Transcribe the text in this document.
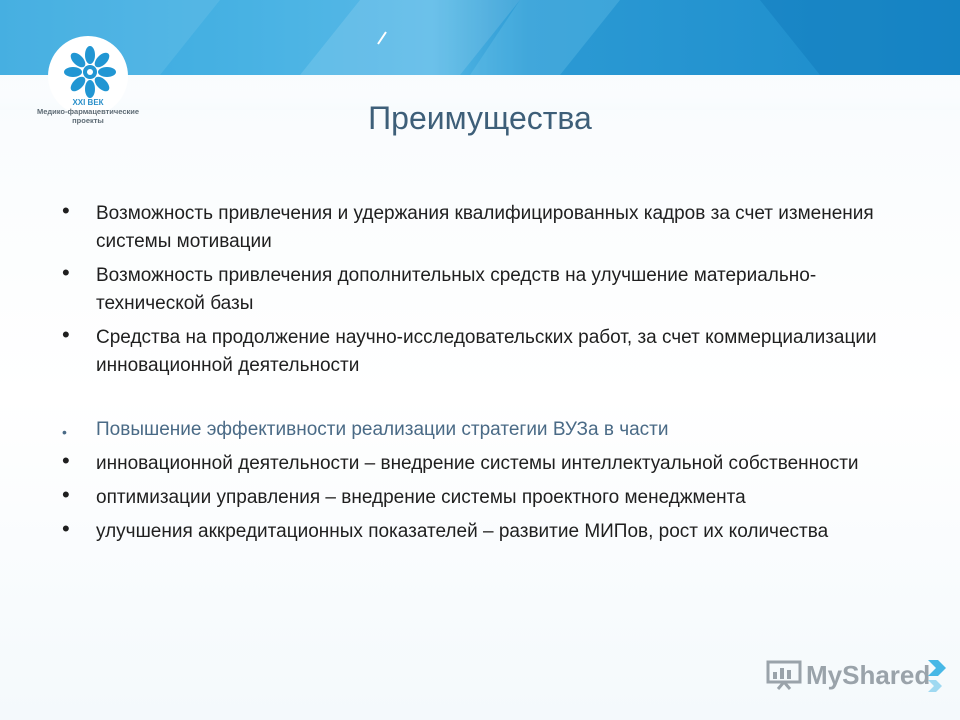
XXI ВЕК
Медико-фармацевтические
проекты	Преимущества
• Возможность привлечения и удержания квалифицированных кадров за счет изменения системы мотивации
• Возможность привлечения дополнительных средств на улучшение материально-технической базы
• Средства на продолжение научно-исследовательских работ, за счет коммерциализации инновационной деятельности
• Повышение эффективности реализации стратегии ВУЗа в части
• инновационной деятельности – внедрение системы интеллектуальной собственности
• оптимизации управления – внедрение системы проектного менеджмента
• улучшения аккредитационных показателей – развитие МИПов, рост их количества
MyShared
